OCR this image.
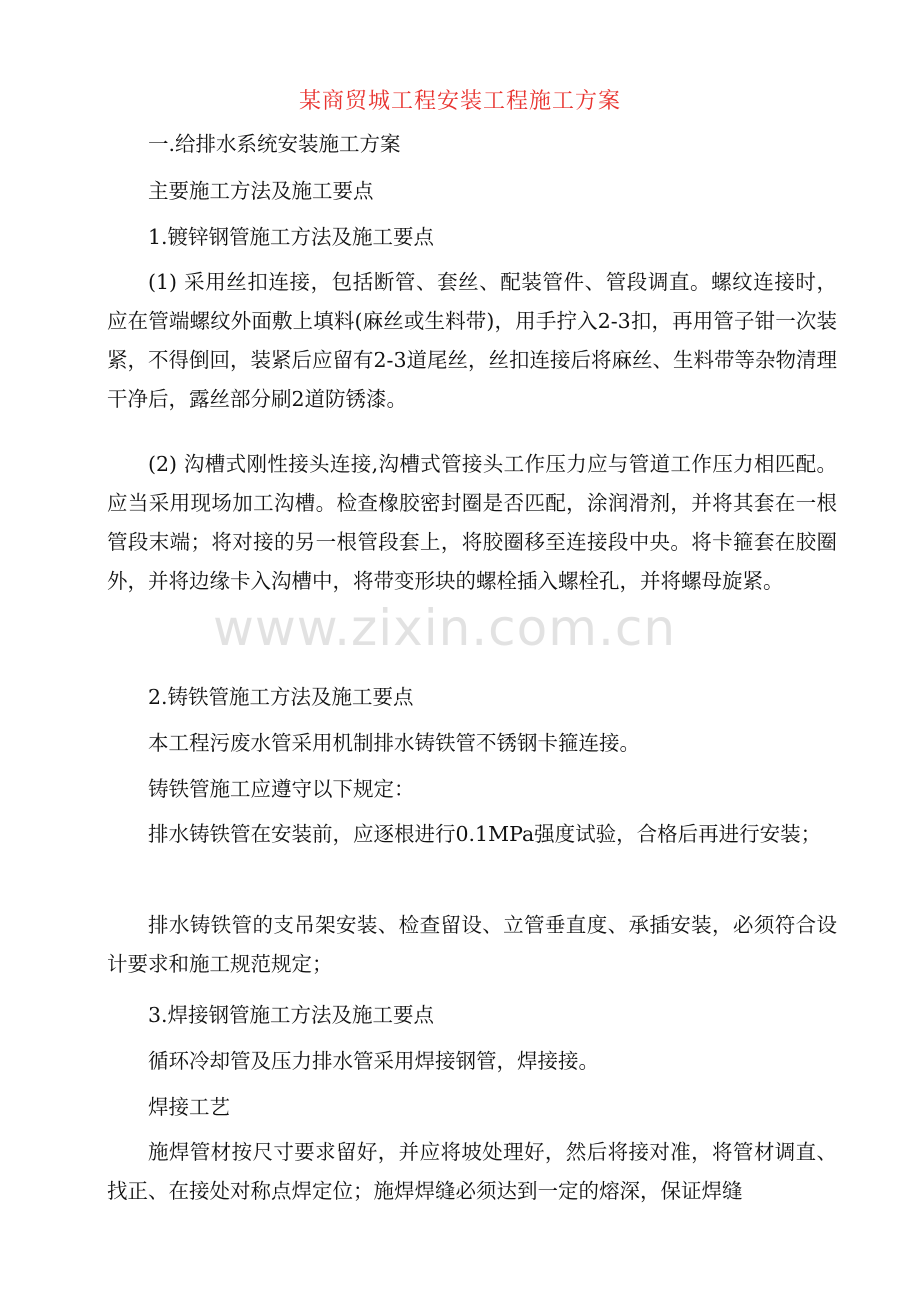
www.zixin.com.cn
某商贸城工程安装工程施工方案
一.给排水系统安装施工方案
主要施工方法及施工要点
1.镀锌钢管施工方法及施工要点
(1) 采用丝扣连接，包括断管、套丝、配装管件、管段调直。螺纹连接时，应在管端螺纹外面敷上填料(麻丝或生料带)，用手拧入2-3扣，再用管子钳一次装紧，不得倒回，装紧后应留有2-3道尾丝，丝扣连接后将麻丝、生料带等杂物清理干净后，露丝部分刷2道防锈漆。
(2) 沟槽式刚性接头连接,沟槽式管接头工作压力应与管道工作压力相匹配。应当采用现场加工沟槽。检查橡胶密封圈是否匹配，涂润滑剂，并将其套在一根管段末端；将对接的另一根管段套上，将胶圈移至连接段中央。将卡箍套在胶圈外，并将边缘卡入沟槽中，将带变形块的螺栓插入螺栓孔，并将螺母旋紧。
2.铸铁管施工方法及施工要点
本工程污废水管采用机制排水铸铁管不锈钢卡箍连接。
铸铁管施工应遵守以下规定：
排水铸铁管在安装前，应逐根进行0.1MPa强度试验，合格后再进行安装；
排水铸铁管的支吊架安装、检查留设、立管垂直度、承插安装，必须符合设计要求和施工规范规定；
3.焊接钢管施工方法及施工要点
循环冷却管及压力排水管采用焊接钢管，焊接接。
焊接工艺
施焊管材按尺寸要求留好，并应将坡处理好，然后将接对准，将管材调直、找正、在接处对称点焊定位；施焊焊缝必须达到一定的熔深，保证焊缝
